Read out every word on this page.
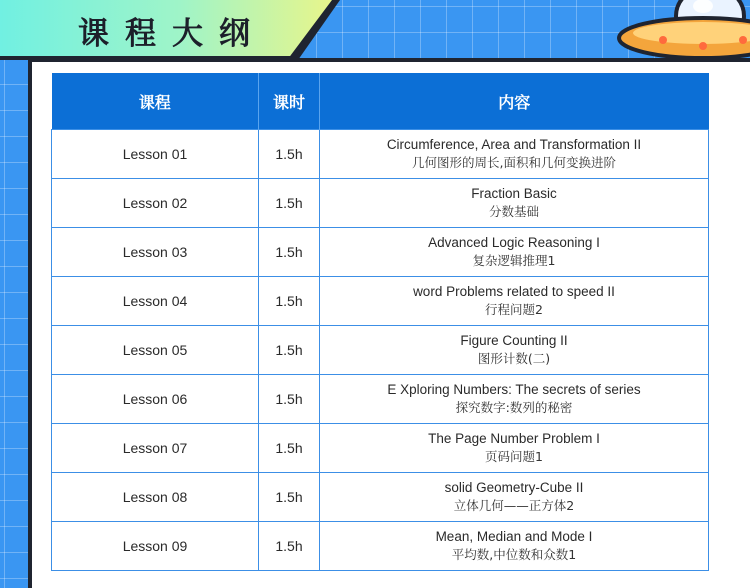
课程大纲
课程	课时	内容
Lesson 01	1.5h	Circumference, Area and Transformation II
几何图形的周长,面积和几何变换进阶

Lesson 02	1.5h	Fraction Basic
分数基础

Lesson 03	1.5h	Advanced Logic Reasoning I
复杂逻辑推理1

Lesson 04	1.5h	word Problems related to speed II
行程问题2

Lesson 05	1.5h	Figure Counting II
图形计数(二)

Lesson 06	1.5h	E Xploring Numbers: The secrets of series
探究数字:数列的秘密

Lesson 07	1.5h	The Page Number Problem I
页码问题1

Lesson 08	1.5h	solid Geometry-Cube II
立体几何——正方体2

Lesson 09	1.5h	Mean, Median and Mode I
平均数,中位数和众数1
